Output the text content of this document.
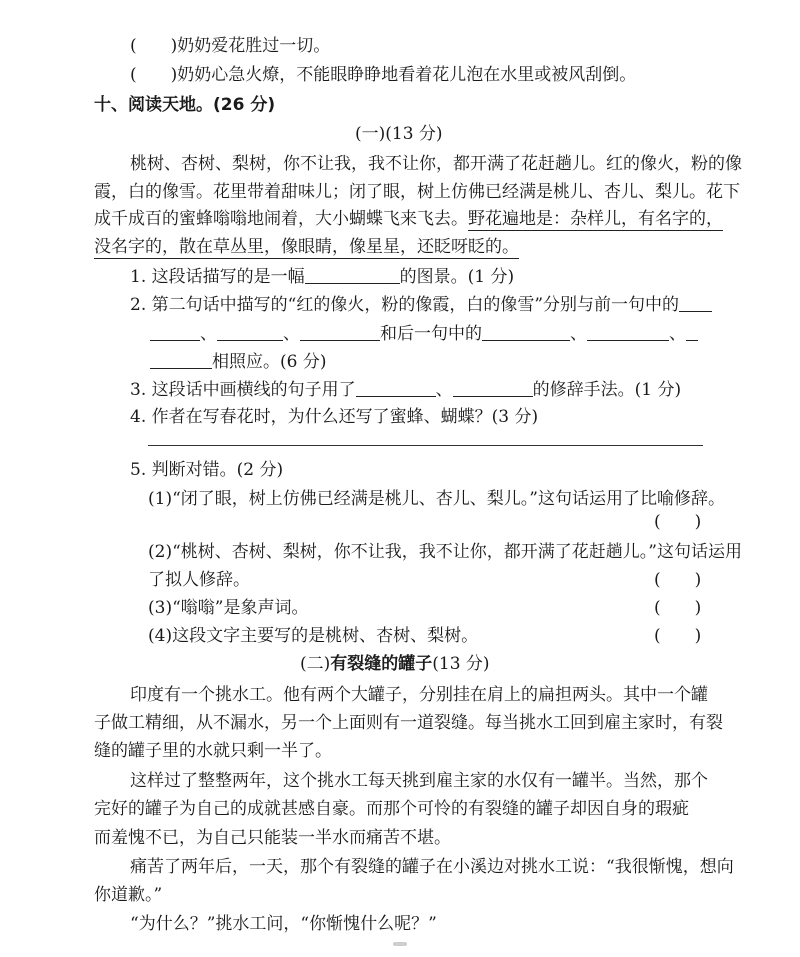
(　　)奶奶爱花胜过一切。
(　　)奶奶心急火燎，不能眼睁睁地看着花儿泡在水里或被风刮倒。
十、阅读天地。(26 分)
(一)(13 分)
桃树、杏树、梨树，你不让我，我不让你，都开满了花赶趟儿。红的像火，粉的像
霞，白的像雪。花里带着甜味儿；闭了眼，树上仿佛已经满是桃儿、杏儿、梨儿。花下
成千成百的蜜蜂嗡嗡地闹着，大小蝴蝶飞来飞去。野花遍地是：杂样儿，有名字的，
没名字的，散在草丛里，像眼睛，像星星，还眨呀眨的。
1. 这段话描写的是一幅	的图景。(1 分)
2. 第二句话中描写的“红的像火，粉的像霞，白的像雪”分别与前一句中的
、	、	和后一句中的	、	、
相照应。(6 分)
3. 这段话中画横线的句子用了	、	的修辞手法。(1 分)
4. 作者在写春花时，为什么还写了蜜蜂、蝴蝶？(3 分)
5. 判断对错。(2 分)
(1)“闭了眼，树上仿佛已经满是桃儿、杏儿、梨儿。”这句话运用了比喻修辞。
(　　)
(2)“桃树、杏树、梨树，你不让我，我不让你，都开满了花赶趟儿。”这句话运用
了拟人修辞。	(　　)
(3)“嗡嗡”是象声词。	(　　)
(4)这段文字主要写的是桃树、杏树、梨树。	(　　)
(二)有裂缝的罐子(13 分)
印度有一个挑水工。他有两个大罐子，分别挂在肩上的扁担两头。其中一个罐
子做工精细，从不漏水，另一个上面则有一道裂缝。每当挑水工回到雇主家时，有裂
缝的罐子里的水就只剩一半了。
这样过了整整两年，这个挑水工每天挑到雇主家的水仅有一罐半。当然，那个
完好的罐子为自己的成就甚感自豪。而那个可怜的有裂缝的罐子却因自身的瑕疵
而羞愧不已，为自己只能装一半水而痛苦不堪。
痛苦了两年后，一天，那个有裂缝的罐子在小溪边对挑水工说：“我很惭愧，想向
你道歉。”
“为什么？”挑水工问，“你惭愧什么呢？”
